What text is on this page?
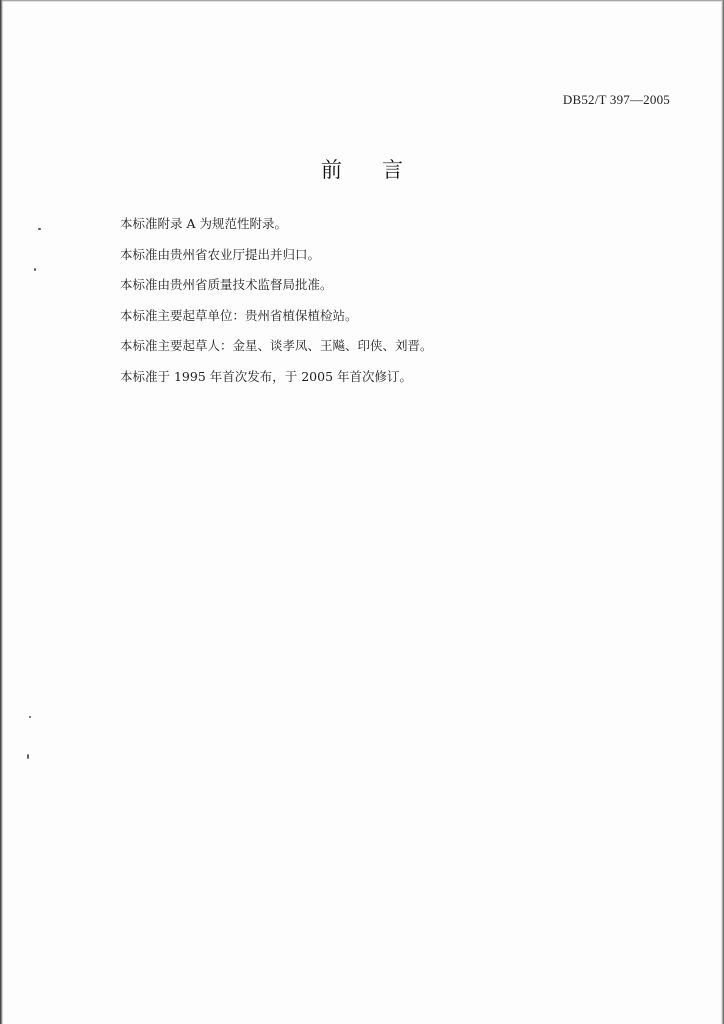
DB52/T 397—2005
前言
本标准附录 A 为规范性附录。
本标准由贵州省农业厅提出并归口。
本标准由贵州省质量技术监督局批准。
本标准主要起草单位：贵州省植保植检站。
本标准主要起草人：金星、谈孝凤、王飚、印侠、刘晋。
本标准于 1995 年首次发布，于 2005 年首次修订。
